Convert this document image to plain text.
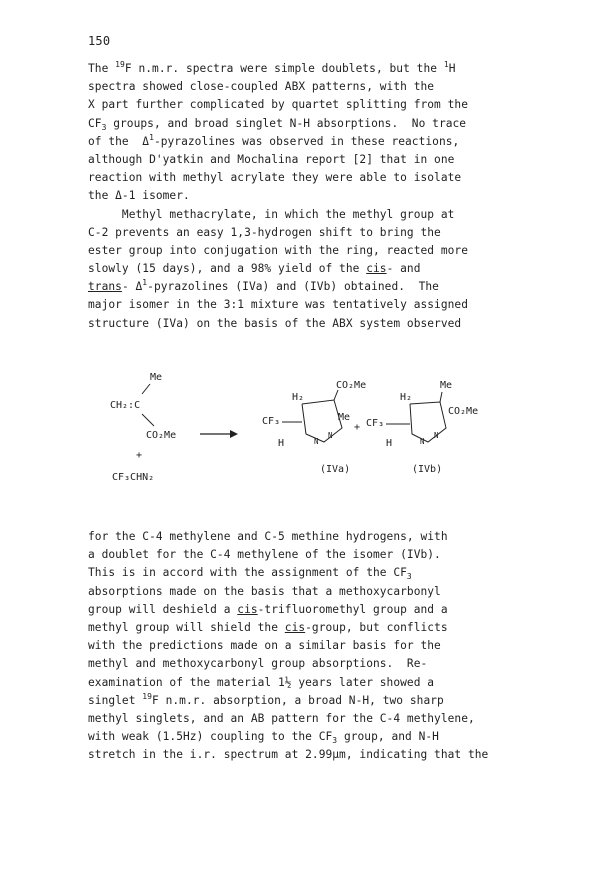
150
The $^{19}$F n.m.r. spectra were simple doublets, but the $^1$H
spectra showed close-coupled ABX patterns, with the
X part further complicated by quartet splitting from the
$CF_3$ groups, and broad singlet N-H absorptions.  No trace
of the  $\Delta^1$-pyrazolines was observed in these reactions,
although D'yatkin and Mochalina report [2] that in one
reaction with methyl acrylate they were able to isolate
the Δ-1 isomer.
Methyl methacrylate, in which the methyl group at
C-2 prevents an easy 1,3-hydrogen shift to bring the
ester group into conjugation with the ring, reacted more
slowly (15 days), and a 98% yield of the cis- and
trans- $\Delta^1$-pyrazolines (IVa) and (IVb) obtained.  The
major isomer in the 3:1 mixture was tentatively assigned
structure (IVa) on the basis of the ABX system observed
Me
CH₂:C
CO₂Me
+
CF₃CHN₂
CO₂Me
H₂
Me
CF₃
H	N
N
(IVa)
+
Me
H₂
CO₂Me
CF₃
H	N
N
(IVb)
for the C-4 methylene and C-5 methine hydrogens, with
a doublet for the C-4 methylene of the isomer (IVb).
This is in accord with the assignment of the $CF_3$
absorptions made on the basis that a methoxycarbonyl
group will deshield a cis-trifluoromethyl group and a
methyl group will shield the cis-group, but conflicts
with the predictions made on a similar basis for the
methyl and methoxycarbonyl group absorptions.  Re-
examination of the material 1½ years later showed a
singlet $^{19}$F n.m.r. absorption, a broad N-H, two sharp
methyl singlets, and an AB pattern for the C-4 methylene,
with weak (1.5Hz) coupling to the $CF_3$ group, and N-H
stretch in the i.r. spectrum at 2.99µm, indicating that the
